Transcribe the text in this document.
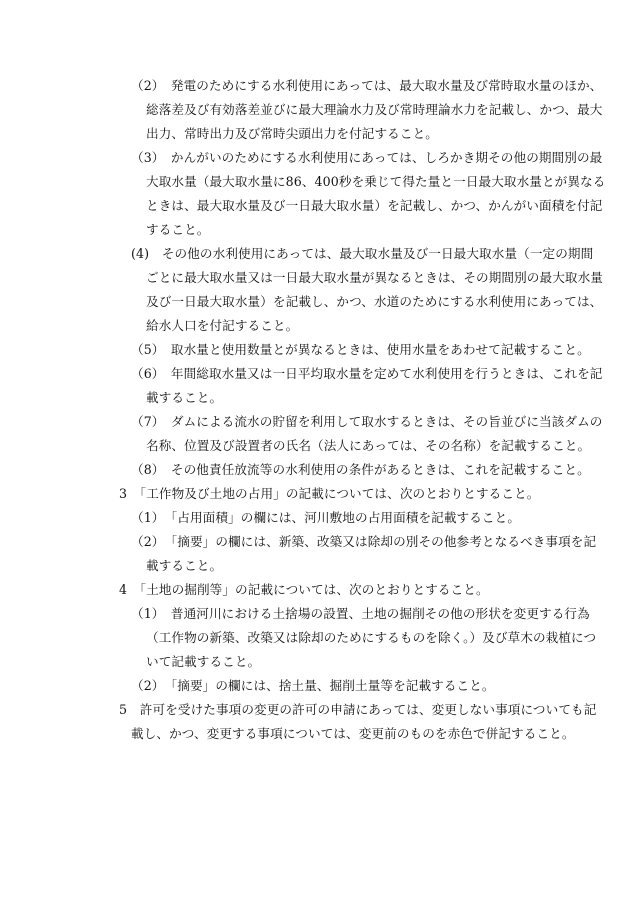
（2）　発電のためにする水利使用にあっては、最大取水量及び常時取水量のほか、
総落差及び有効落差並びに最大理論水力及び常時理論水力を記載し、かつ、最大
出力、常時出力及び常時尖頭出力を付記すること。
（3）　かんがいのためにする水利使用にあっては、しろかき期その他の期間別の最
大取水量（最大取水量に86、400秒を乗じて得た量と一日最大取水量とが異なる
ときは、最大取水量及び一日最大取水量）を記載し、かつ、かんがい面積を付記
すること。
(4)　その他の水利使用にあっては、最大取水量及び一日最大取水量（一定の期間
ごとに最大取水量又は一日最大取水量が異なるときは、その期間別の最大取水量
及び一日最大取水量）を記載し、かつ、水道のためにする水利使用にあっては、
給水人口を付記すること。
（5）　取水量と使用数量とが異なるときは、使用水量をあわせて記載すること。
（6）　年間総取水量又は一日平均取水量を定めて水利使用を行うときは、これを記
載すること。
（7）　ダムによる流水の貯留を利用して取水するときは、その旨並びに当該ダムの
名称、位置及び設置者の氏名（法人にあっては、その名称）を記載すること。
（8）　その他責任放流等の水利使用の条件があるときは、これを記載すること。
3　「工作物及び土地の占用」の記載については、次のとおりとすること。
（1）　「占用面積」の欄には、河川敷地の占用面積を記載すること。
（2）　「摘要」の欄には、新築、改築又は除却の別その他参考となるべき事項を記
載すること。
4　「土地の掘削等」の記載については、次のとおりとすること。
（1）　普通河川における土捨場の設置、土地の掘削その他の形状を変更する行為
（工作物の新築、改築又は除却のためにするものを除く。）及び草木の栽植につ
いて記載すること。
（2）　「摘要」の欄には、捨土量、掘削土量等を記載すること。
5　許可を受けた事項の変更の許可の申請にあっては、変更しない事項についても記
載し、かつ、変更する事項については、変更前のものを赤色で併記すること。
